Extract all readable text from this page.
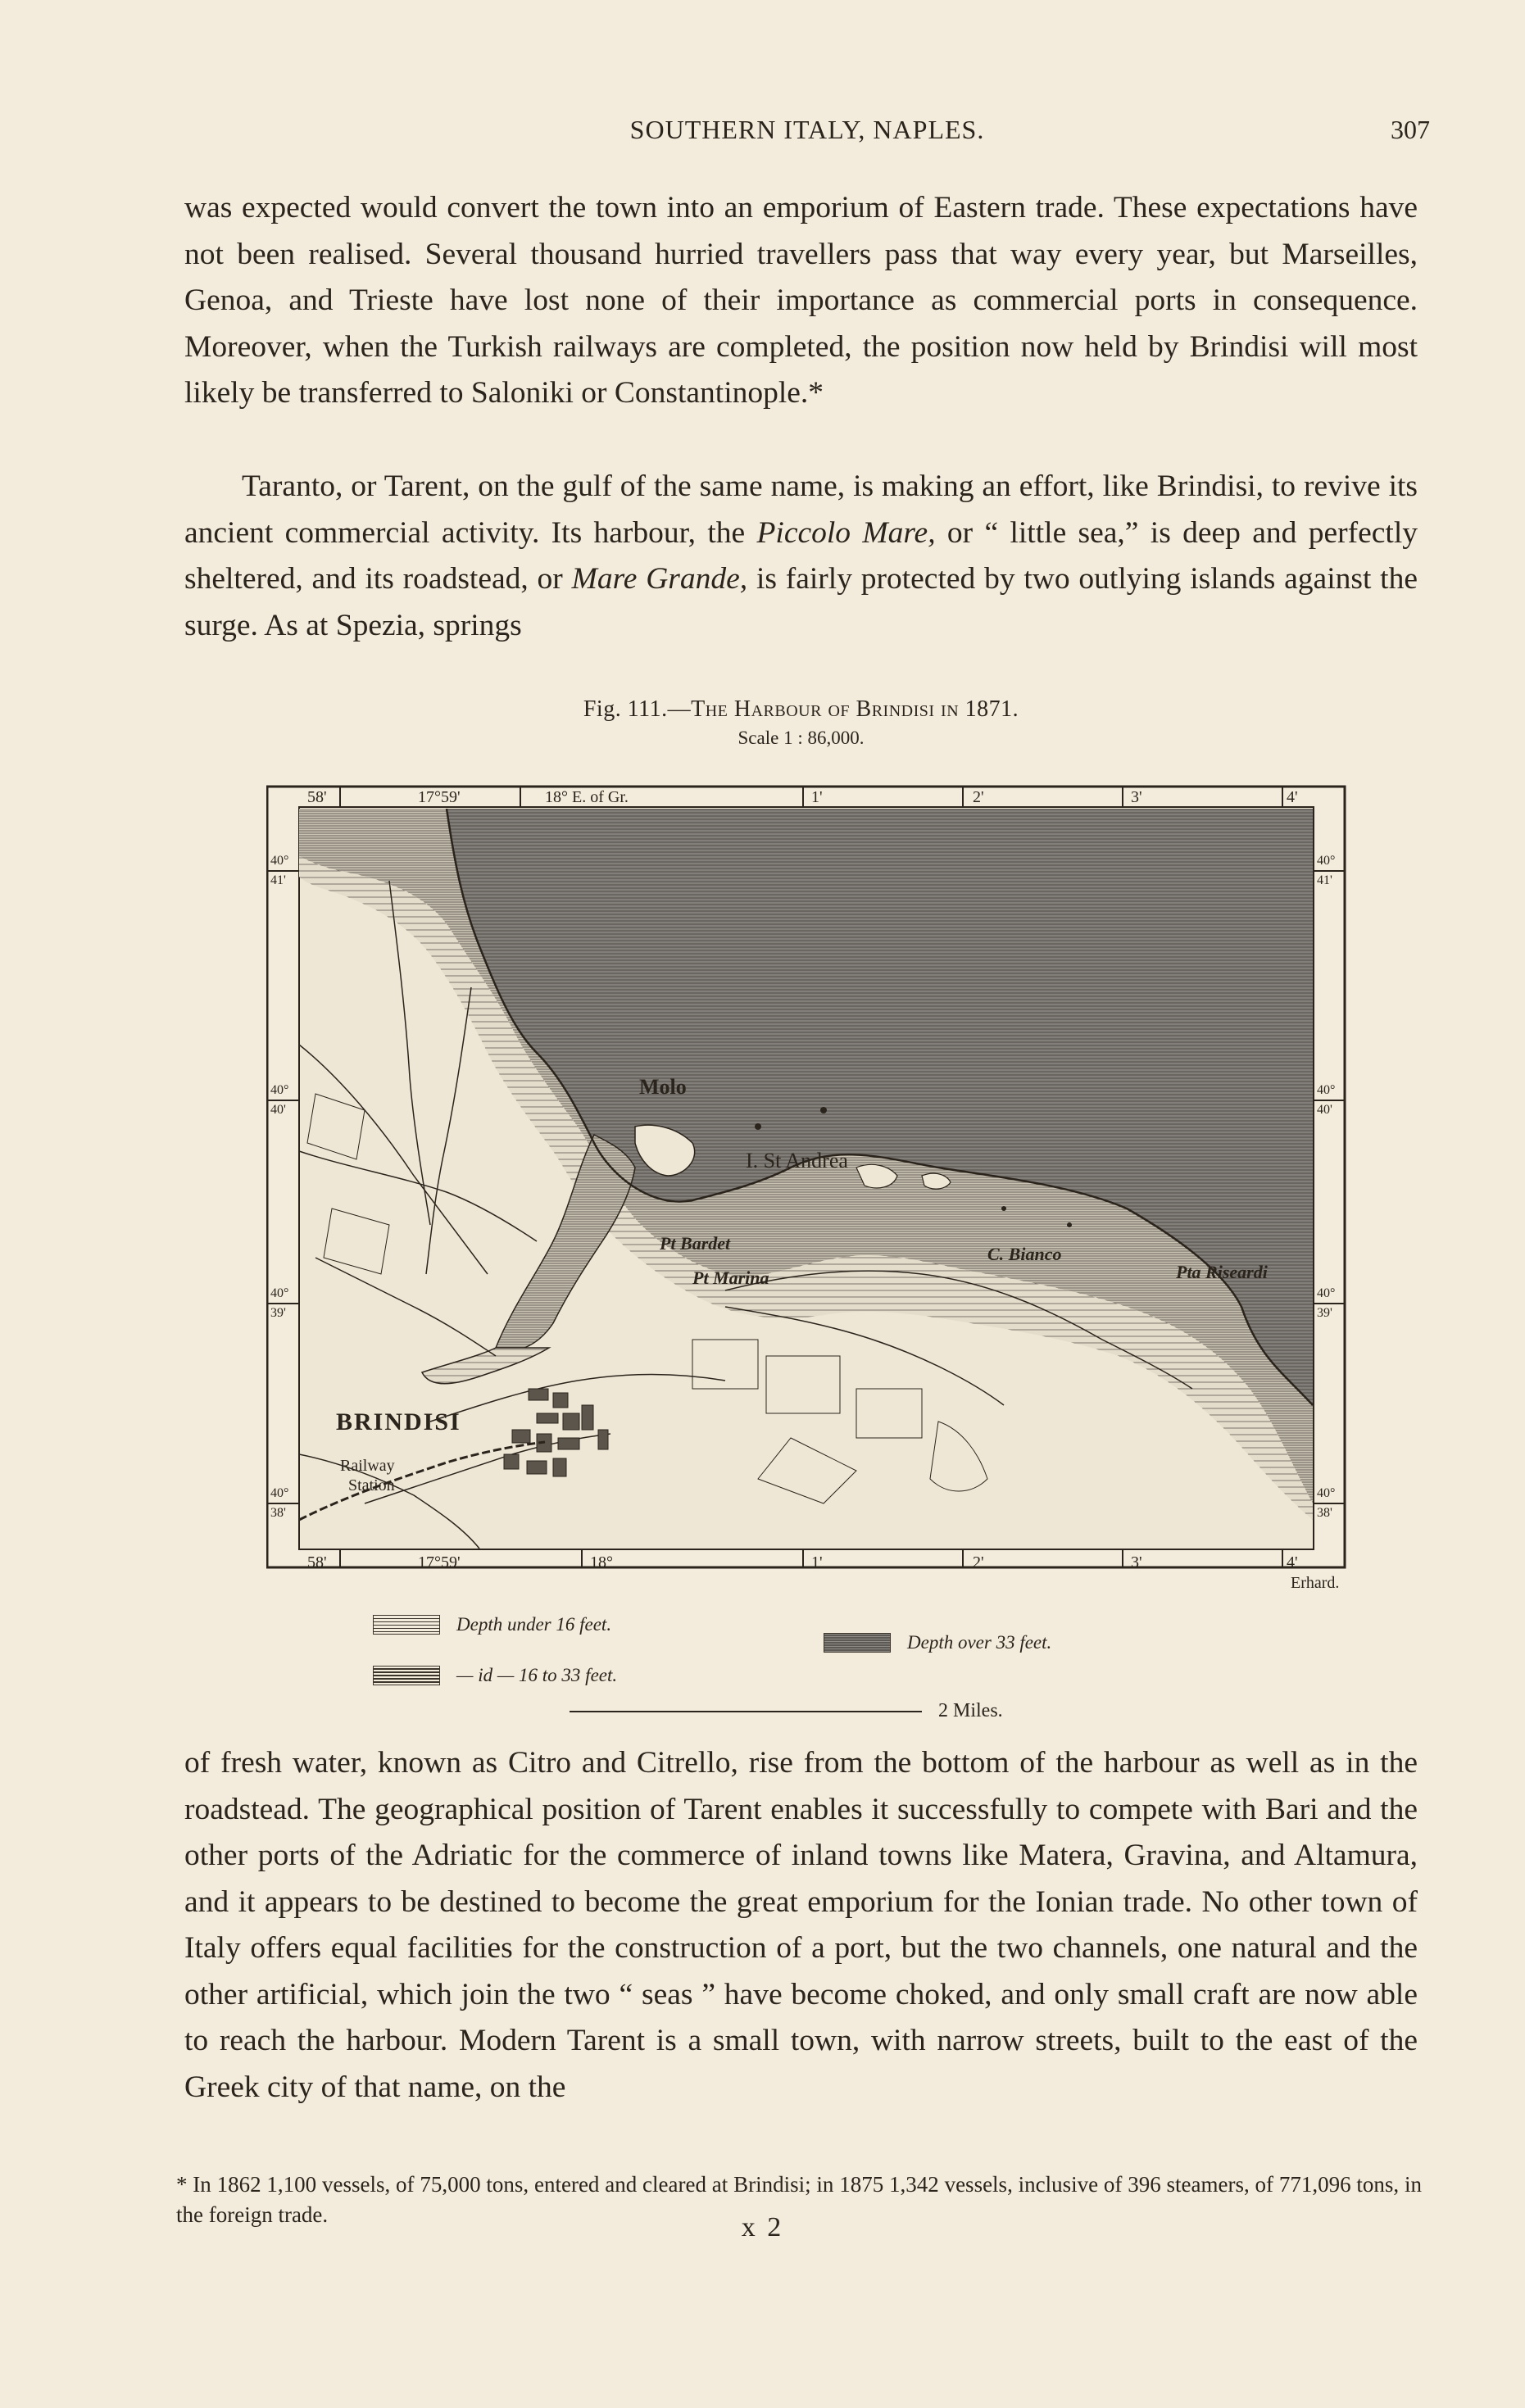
SOUTHERN ITALY, NAPLES.	307

was expected would convert the town into an emporium of Eastern trade. These expectations have not been realised. Several thousand hurried travellers pass that way every year, but Marseilles, Genoa, and Trieste have lost none of their importance as commercial ports in consequence. Moreover, when the Turkish railways are completed, the position now held by Brindisi will most likely be transferred to Saloniki or Constantinople.*

Taranto, or Tarent, on the gulf of the same name, is making an effort, like Brindisi, to revive its ancient commercial activity. Its harbour, the Piccolo Mare, or “ little sea,” is deep and perfectly sheltered, and its roadstead, or Mare Grande, is fairly protected by two outlying islands against the surge. As at Spezia, springs

Fig. 111.—The Harbour of Brindisi in 1871.
Scale 1 : 86,000.
58'	17°59'	18° E. of Gr.	1'	2'	3'	4'
58'	17°59'	18°	1'	2'	3'	4'
40°
41'
40°
40'
40°
39'
40°
38'
40°
41'
40°
40'
40°
39'
40°
38'
Molo
I. St Andrea
Pt Bardet
Pt Marina
C. Bianco
Pta Riseardi
BRINDISI
Railway
Station
Erhard.
Depth under 16 feet.
— id — 16 to 33 feet.
Depth over 33 feet.
2 Miles.

of fresh water, known as Citro and Citrello, rise from the bottom of the harbour as well as in the roadstead. The geographical position of Tarent enables it successfully to compete with Bari and the other ports of the Adriatic for the commerce of inland towns like Matera, Gravina, and Altamura, and it appears to be destined to become the great emporium for the Ionian trade. No other town of Italy offers equal facilities for the construction of a port, but the two channels, one natural and the other artificial, which join the two “ seas ” have become choked, and only small craft are now able to reach the harbour. Modern Tarent is a small town, with narrow streets, built to the east of the Greek city of that name, on the

* In 1862 1,100 vessels, of 75,000 tons, entered and cleared at Brindisi; in 1875 1,342 vessels, inclusive of 396 steamers, of 771,096 tons, in the foreign trade.	x 2
